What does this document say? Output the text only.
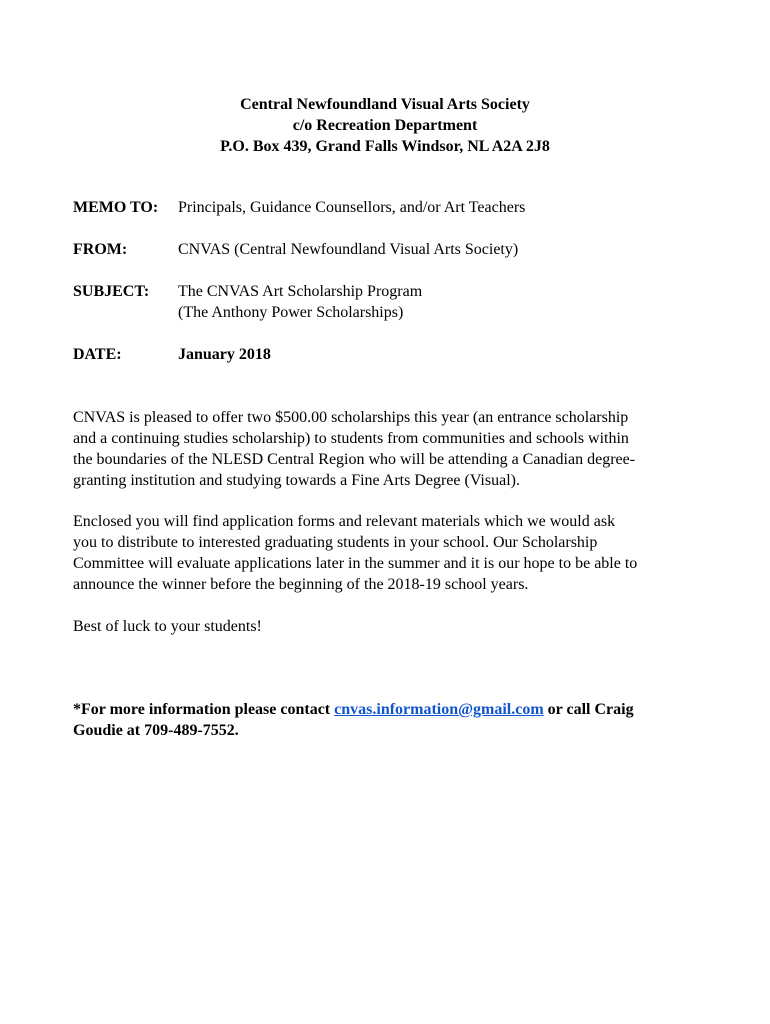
Central Newfoundland Visual Arts Society
c/o Recreation Department
P.O. Box 439, Grand Falls Windsor, NL A2A 2J8
MEMO TO: Principals, Guidance Counsellors, and/or Art Teachers
FROM:	CNVAS (Central Newfoundland Visual Arts Society)
SUBJECT: The CNVAS Art Scholarship Program
(The Anthony Power Scholarships)
DATE:	January 2018
CNVAS is pleased to offer two $500.00 scholarships this year (an entrance scholarship
and a continuing studies scholarship) to students from communities and schools within
the boundaries of the NLESD Central Region who will be attending a Canadian degree-
granting institution and studying towards a Fine Arts Degree (Visual).
Enclosed you will find application forms and relevant materials which we would ask
you to distribute to interested graduating students in your school. Our Scholarship
Committee will evaluate applications later in the summer and it is our hope to be able to
announce the winner before the beginning of the 2018-19 school years.
Best of luck to your students!
*For more information please contact cnvas.information@gmail.com or call Craig
Goudie at 709-489-7552.
